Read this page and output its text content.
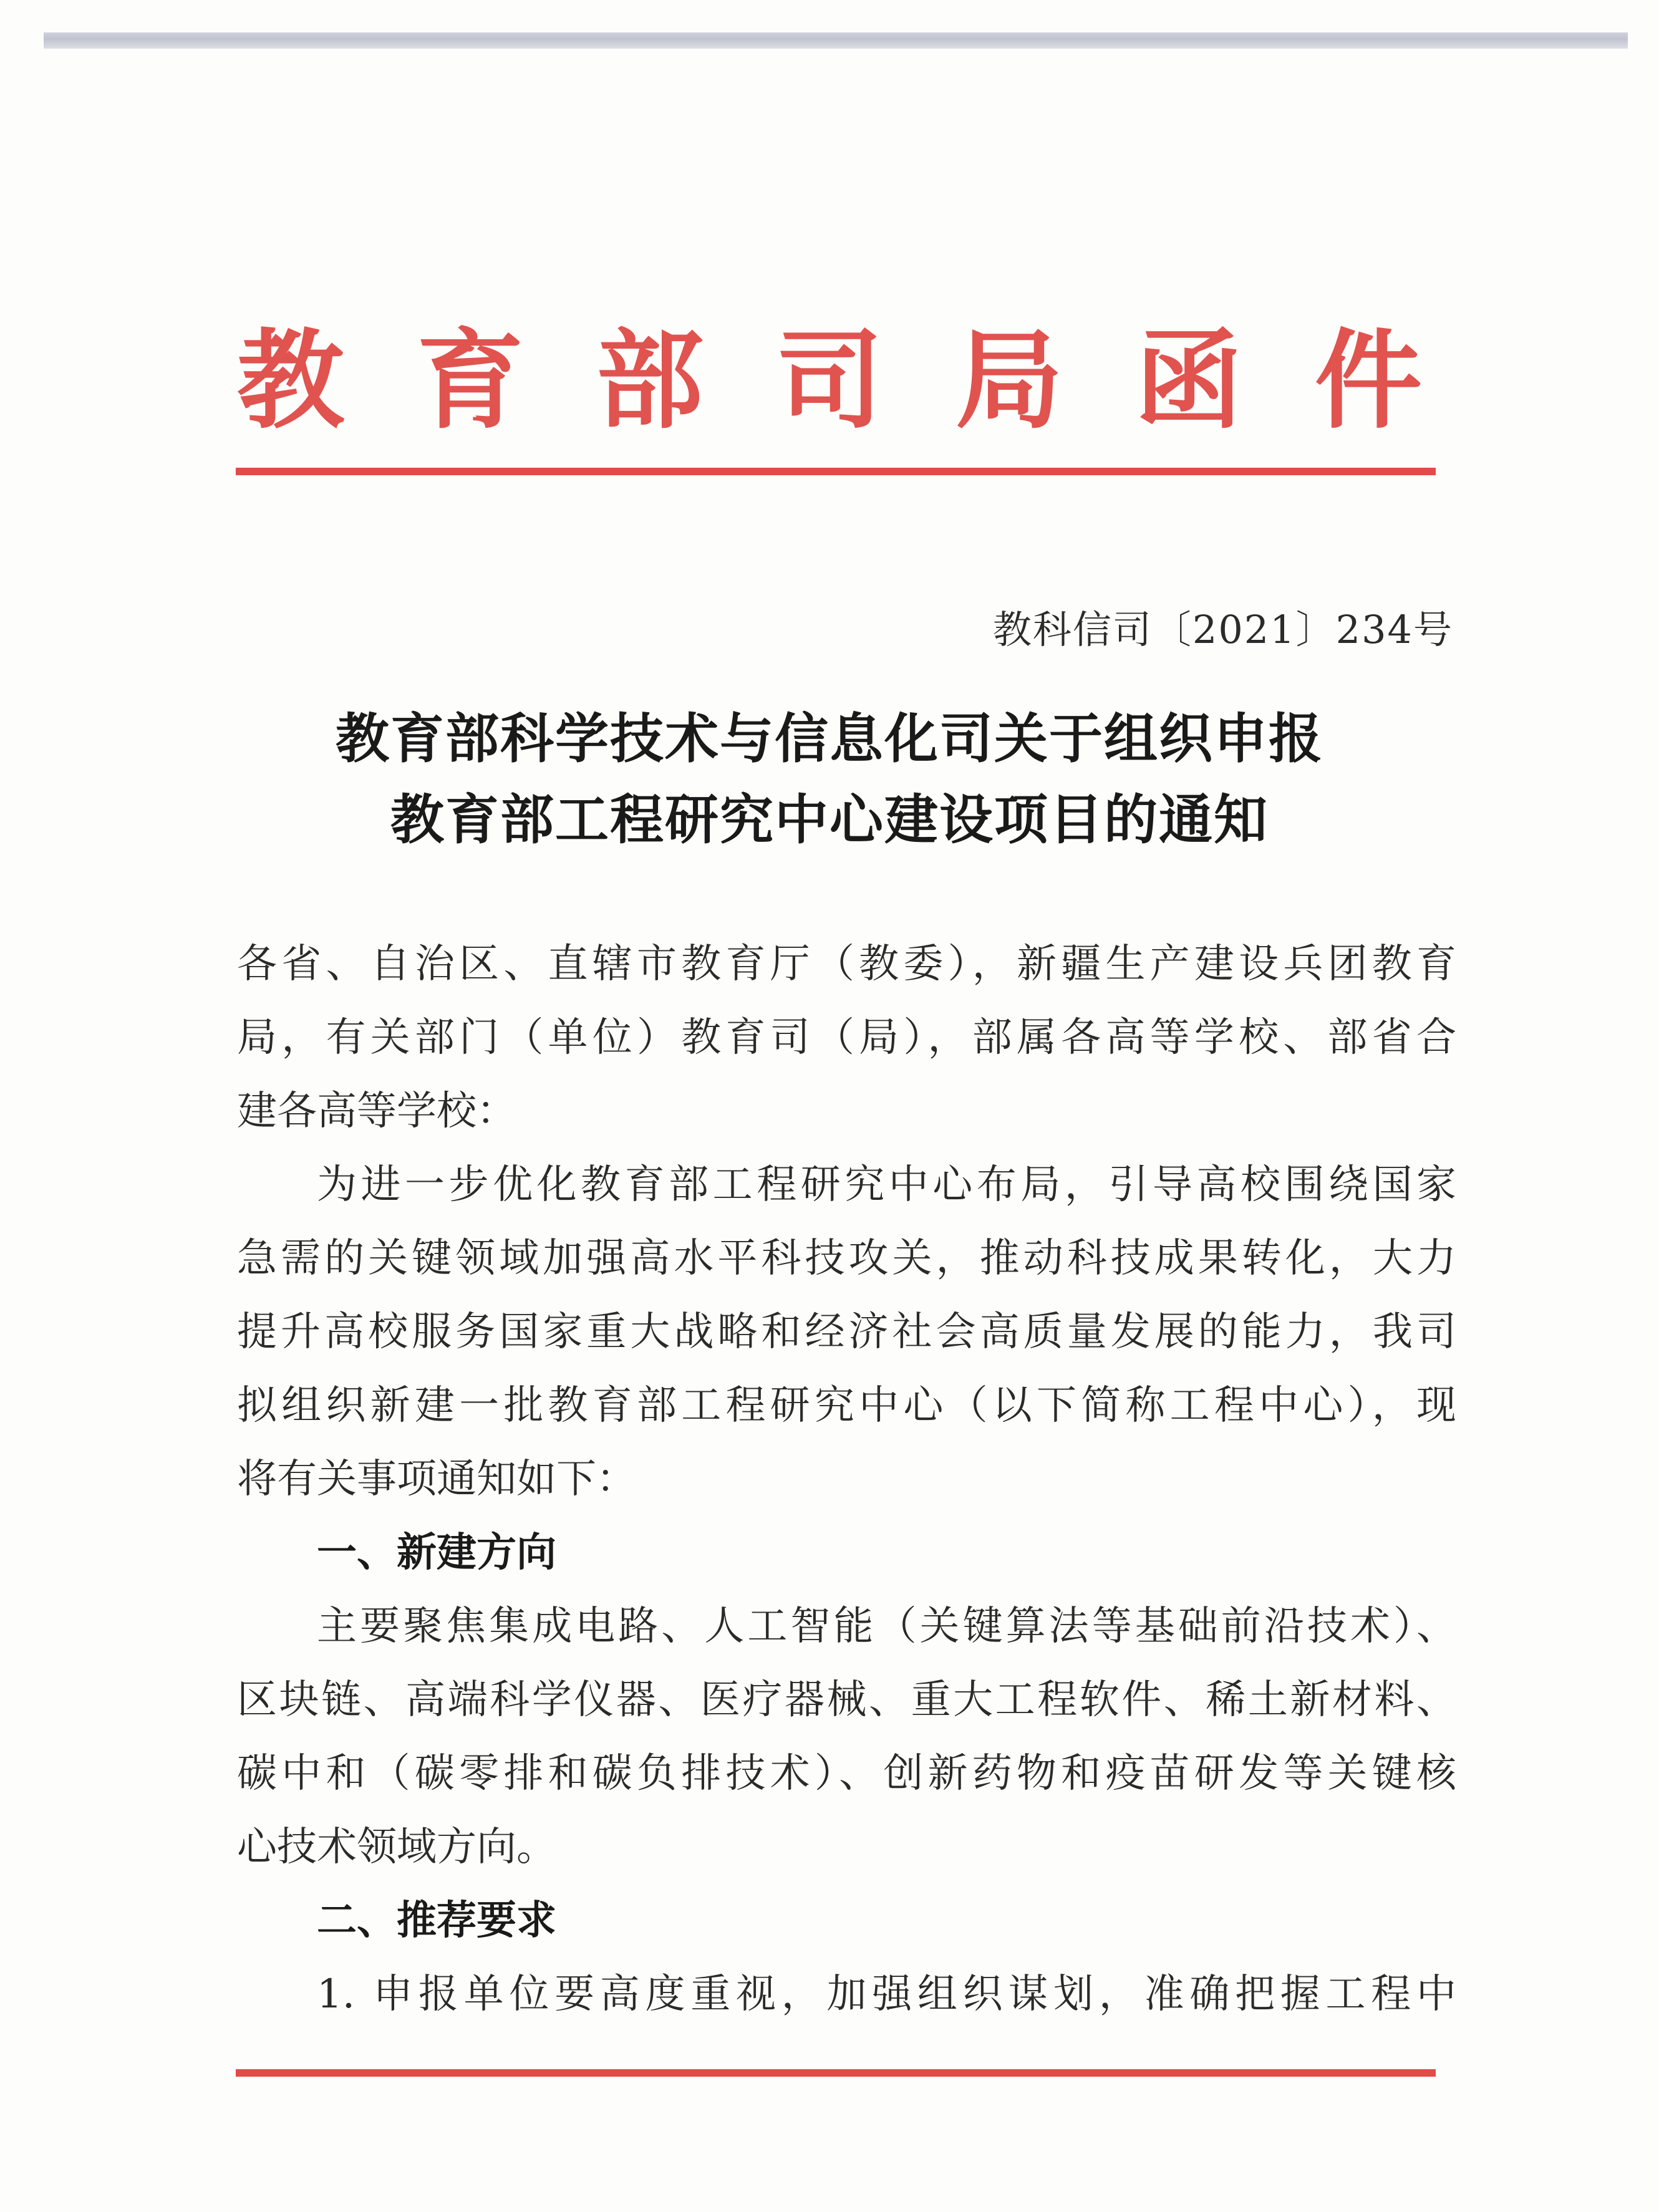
教 育 部 司 局 函 件
教科信司〔2021〕234号
教育部科学技术与信息化司关于组织申报
教育部工程研究中心建设项目的通知
各省、自治区、直辖市教育厅（教委），新疆生产建设兵团教育
局，有关部门（单位）教育司（局），部属各高等学校、部省合
建各高等学校：
为进一步优化教育部工程研究中心布局，引导高校围绕国家
急需的关键领域加强高水平科技攻关，推动科技成果转化，大力
提升高校服务国家重大战略和经济社会高质量发展的能力，我司
拟组织新建一批教育部工程研究中心（以下简称工程中心），现
将有关事项通知如下：
一、新建方向
主要聚焦集成电路、人工智能（关键算法等基础前沿技术）、
区块链、高端科学仪器、医疗器械、重大工程软件、稀土新材料、
碳中和（碳零排和碳负排技术）、创新药物和疫苗研发等关键核
心技术领域方向。
二、推荐要求
1. 申报单位要高度重视，加强组织谋划，准确把握工程中
